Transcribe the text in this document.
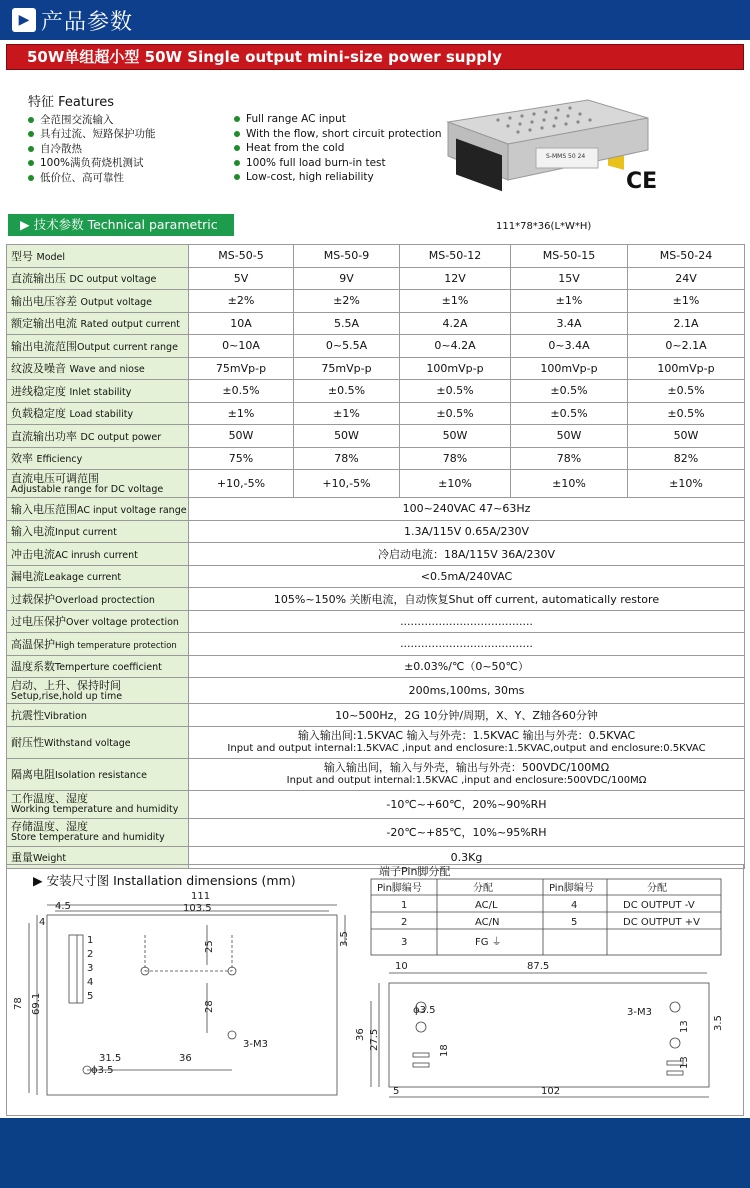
▶ 产品参数
50W单组超小型 50W Single output mini-size power supply
特征 Features
全范围交流输入
具有过流、短路保护功能
自冷散热
100%满负荷烧机测试
低价位、高可靠性
Full range AC input
With the flow, short circuit protection
Heat from the cold
100% full load burn-in test
Low-cost, high reliability
S-MMS 50 24
CE
▶ 技术参数 Technical parametric	111*78*36(L*W*H)
型号 Model	MS-50-5	MS-50-9	MS-50-12	MS-50-15	MS-50-24
直流输出压 DC output voltage	5V	9V	12V	15V	24V
输出电压容差 Output voltage	±2%	±2%	±1%	±1%	±1%
额定输出电流 Rated output current	10A	5.5A	4.2A	3.4A	2.1A
输出电流范围Output current range	0~10A	0~5.5A	0~4.2A	0~3.4A	0~2.1A
纹波及噪音 Wave and niose	75mVp-p	75mVp-p	100mVp-p	100mVp-p	100mVp-p
进线稳定度 Inlet stability	±0.5%	±0.5%	±0.5%	±0.5%	±0.5%
负载稳定度 Load stability	±1%	±1%	±0.5%	±0.5%	±0.5%
直流输出功率 DC output power	50W	50W	50W	50W	50W
效率 Efficiency	75%	78%	78%	78%	82%

直流电压可调范围
Adjustable range for DC voltage	+10,-5%	+10,-5%	±10%	±10%	±10%
输入电压范围AC input voltage range	100~240VAC 47~63Hz				
输入电流Input current	1.3A/115V 0.65A/230V				
冲击电流AC inrush current	冷启动电流：18A/115V 36A/230V				
漏电流Leakage current	<0.5mA/240VAC				
过载保护Overload proctection	105%~150% 关断电流，自动恢复Shut off current, automatically restore				
过电压保护Over voltage protection	......................................				
高温保护High temperature protection	......................................				
温度系数Temperture coefficient	±0.03%/℃（0~50℃）				

启动、上升、保持时间
Setup,rise,hold up time	200ms,100ms, 30ms				
抗震性Vibration	10~500Hz，2G 10分钟/周期，X、Y、Z轴各60分钟				
耐压性Withstand voltage	输入输出间:1.5KVAC 输入与外壳：1.5KVAC 输出与外壳：0.5KVAC
Input and output internal:1.5KVAC ,input and enclosure:1.5KVAC,output and enclosure:0.5KVAC				

隔离电阻Isolation resistance	输入输出间，输入与外壳，输出与外壳：500VDC/100MΩ
Input and output internal:1.5KVAC ,input and enclosure:500VDC/100MΩ				

工作温度、湿度
Working temperature and humidity	-10℃~+60℃，20%~90%RH				

存储温度、湿度
Store temperature and humidity	-20℃~+85℃，10%~95%RH				
重量Weight	0.3Kg				
▶ 安装尺寸图 Installation dimensions (mm)
111
103.5
4.5
4
78 69.1
25
28
3.5
31.5	36
ϕ3.5
3-M3
1
2
3
4
5
端子Pin脚分配
Pin脚编号	分配	Pin脚编号	分配
1	AC/L	4	DC OUTPUT -V
2	AC/N	5	DC OUTPUT +V
3	FG ⏚
10	87.5
ϕ3.5	3-M3
36 27.5	18
13
13
3.5
5	102
